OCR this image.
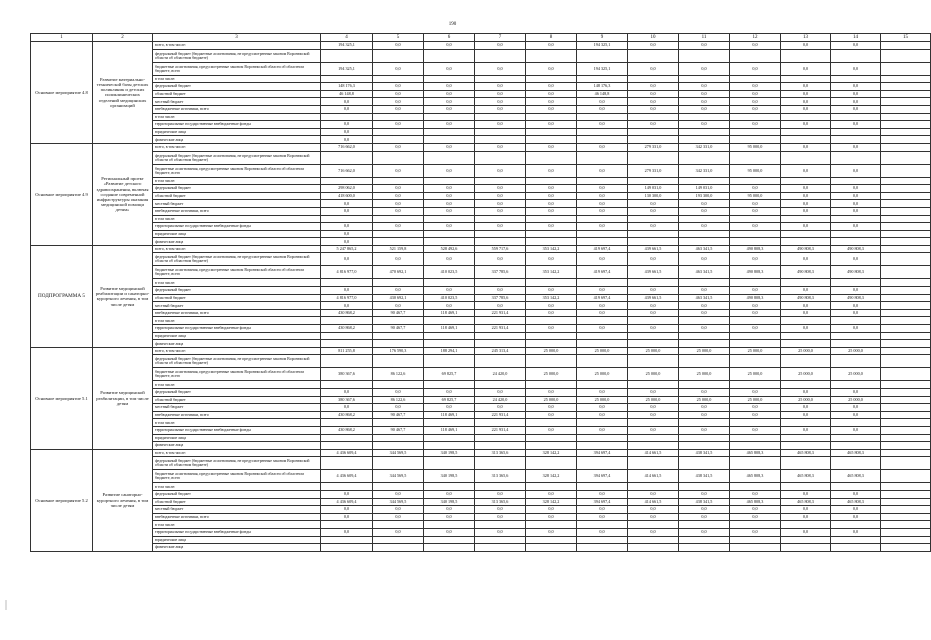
190
1	2	3	4	5	6	7	8	9	10	11	12	13	14	15
Основное мероприятие 4.8	Развитие материально-технической базы детских поликлиник и детских поликлинических отделений медицинских организаций	всего, в том числе:	194 325,1	0,0	0,0	0,0	0,0	194 325,1	0,0	0,0	0,0	0,0	0,0	
		федеральный бюджет (бюджетные ассигнования, не предусмотренные законом Воронежской области об областном бюджете)												
		бюджетные ассигнования, предусмотренные законом Воронежской области об областном бюджете, всего	194 325,1	0,0	0,0	0,0	0,0	194 325,1	0,0	0,0	0,0	0,0	0,0	
		в том числе:												
		федеральный бюджет	148 176,3	0,0	0,0	0,0	0,0	148 176,3	0,0	0,0	0,0	0,0	0,0	
		областной бюджет	46 148,8	0,0	0,0	0,0	0,0	46 148,8	0,0	0,0	0,0	0,0	0,0	
		местный бюджет	0,0	0,0	0,0	0,0	0,0	0,0	0,0	0,0	0,0	0,0	0,0	
		внебюджетные источники, всего	0,0	0,0	0,0	0,0	0,0	0,0	0,0	0,0	0,0	0,0	0,0	
		в том числе:												
		территориальные государственные внебюджетные фонды	0,0	0,0	0,0	0,0	0,0	0,0	0,0	0,0	0,0	0,0	0,0	
		юридические лица	0,0											
		физические лица	0,0											
Основное мероприятие 4.9	Региональный проект «Развитие детского здравоохранения, включая создание современной инфраструктуры оказания медицинской помощи детям»	всего, в том числе:	716 662,0	0,0	0,0	0,0	0,0	0,0	279 331,0	342 331,0	95 000,0	0,0	0,0	
		федеральный бюджет (бюджетные ассигнования, не предусмотренные законом Воронежской области об областном бюджете)												
		бюджетные ассигнования, предусмотренные законом Воронежской области об областном бюджете, всего	716 662,0	0,0	0,0	0,0	0,0	0,0	279 331,0	342 331,0	95 000,0	0,0	0,0	
		в том числе:												
		федеральный бюджет	298 062,0	0,0	0,0	0,0	0,0	0,0	149 031,0	149 031,0	0,0	0,0	0,0	
		областной бюджет	418 600,0	0,0	0,0	0,0	0,0	0,0	130 300,0	193 300,0	95 000,0	0,0	0,0	
		местный бюджет	0,0	0,0	0,0	0,0	0,0	0,0	0,0	0,0	0,0	0,0	0,0	
		внебюджетные источники, всего	0,0	0,0	0,0	0,0	0,0	0,0	0,0	0,0	0,0	0,0	0,0	
		в том числе:												
		территориальные государственные внебюджетные фонды	0,0	0,0	0,0	0,0	0,0	0,0	0,0	0,0	0,0	0,0	0,0	
		юридические лица	0,0											
		физические лица	0,0											
ПОДПРОГРАММА 5	Развитие медицинской реабилитации и санаторно-курортного лечения, в том числе детям	всего, в том числе:	5 247 865,2	521 159,8	528 492,6	559 717,6	353 142,2	419 697,4	439 661,5	463 341,5	490 808,3	490 808,3	490 808,3	
		федеральный бюджет (бюджетные ассигнования, не предусмотренные законом Воронежской области об областном бюджете)	0,0	0,0	0,0	0,0	0,0	0,0	0,0	0,0	0,0	0,0	0,0	
		бюджетные ассигнования, предусмотренные законом Воронежской области об областном бюджете, всего	4 816 977,0	470 692,1	410 023,5	337 785,6	353 142,2	419 697,4	439 661,5	463 341,5	490 808,3	490 808,3	490 808,3	
		в том числе:												
		федеральный бюджет	0,0	0,0	0,0	0,0	0,0	0,0	0,0	0,0	0,0	0,0	0,0	
		областной бюджет	4 816 977,0	430 692,1	410 023,5	337 785,6	353 142,2	419 697,4	439 661,5	463 341,5	490 808,3	490 808,3	490 808,3	
		местный бюджет	0,0	0,0	0,0	0,0	0,0	0,0	0,0	0,0	0,0	0,0	0,0	
		внебюджетные источники, всего	430 868,2	90 467,7	118 469,1	221 931,4	0,0	0,0	0,0	0,0	0,0	0,0	0,0	
		в том числе:												
		территориальные государственные внебюджетные фонды	430 868,2	90 467,7	118 469,1	221 931,4	0,0	0,0	0,0	0,0	0,0	0,0	0,0	
		юридические лица												
		физические лица												
Основное мероприятие 5.1	Развитие медицинской реабилитации, в том числе детям	всего, в том числе:	811 255,8	176 590,3	188 294,1	245 313,4	25 000,0	25 000,0	25 000,0	25 000,0	25 000,0	25 000,0	25 000,0	
		федеральный бюджет (бюджетные ассигнования, не предусмотренные законом Воронежской области об областном бюджете)												
		бюджетные ассигнования, предусмотренные законом Воронежской области об областном бюджете, всего	380 367,6	86 122,6	69 825,7	24 420,0	25 000,0	25 000,0	25 000,0	25 000,0	25 000,0	25 000,0	25 000,0	
		в том числе:												
		федеральный бюджет	0,0	0,0	0,0	0,0	0,0	0,0	0,0	0,0	0,0	0,0	0,0	
		областной бюджет	380 367,6	86 122,6	69 825,7	24 420,0	25 000,0	25 000,0	25 000,0	25 000,0	25 000,0	25 000,0	25 000,0	
		местный бюджет	0,0	0,0	0,0	0,0	0,0	0,0	0,0	0,0	0,0	0,0	0,0	
		внебюджетные источники, всего	430 868,2	90 467,7	118 469,1	221 931,4	0,0	0,0	0,0	0,0	0,0	0,0	0,0	
		в том числе:												
		территориальные государственные внебюджетные фонды	430 868,2	90 467,7	118 469,1	221 931,4	0,0	0,0	0,0	0,0	0,0	0,0	0,0	
		юридические лица												
		физические лица												
Основное мероприятие 5.2	Развитие санаторно-курортного лечения, в том числе детям	всего, в том числе:	4 436 609,4	344 569,5	340 198,5	313 365,6	328 142,2	394 697,4	414 661,5	438 341,5	465 808,3	465 808,3	465 808,3	
		федеральный бюджет (бюджетные ассигнования, не предусмотренные законом Воронежской области об областном бюджете)												
		бюджетные ассигнования, предусмотренные законом Воронежской области об областном бюджете, всего	4 436 609,4	344 569,5	340 198,5	313 365,6	328 142,2	394 697,4	414 661,5	438 341,5	465 808,3	465 808,3	465 808,3	
		в том числе:												
		федеральный бюджет	0,0	0,0	0,0	0,0	0,0	0,0	0,0	0,0	0,0	0,0	0,0	
		областной бюджет	4 436 609,4	344 569,5	340 198,5	313 365,6	328 142,2	394 697,4	414 661,5	438 341,5	465 808,3	465 808,3	465 808,3	
		местный бюджет	0,0	0,0	0,0	0,0	0,0	0,0	0,0	0,0	0,0	0,0	0,0	
		внебюджетные источники, всего	0,0	0,0	0,0	0,0	0,0	0,0	0,0	0,0	0,0	0,0	0,0	
		в том числе:												
		территориальные государственные внебюджетные фонды	0,0	0,0	0,0	0,0	0,0	0,0	0,0	0,0	0,0	0,0	0,0	
		юридические лица												
		физические лица												
